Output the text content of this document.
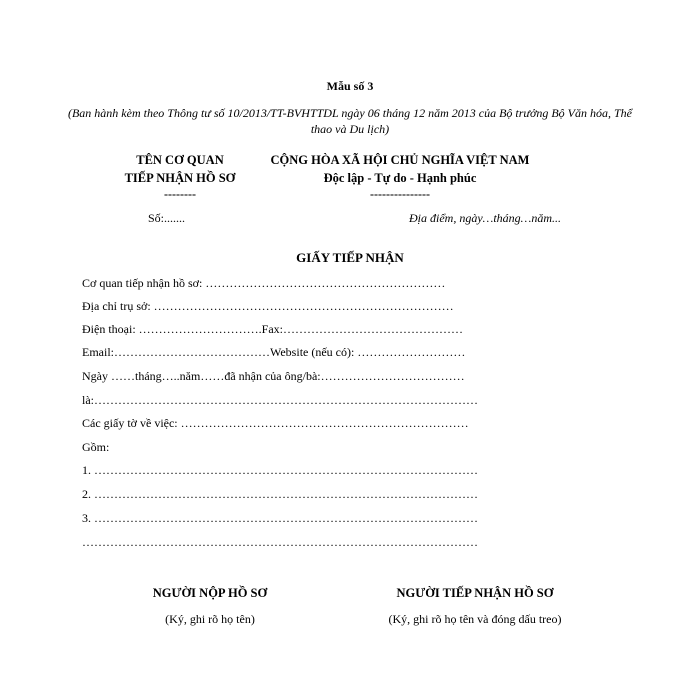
Mẫu số 3
(Ban hành kèm theo Thông tư số 10/2013/TT-BVHTTDL ngày 06 tháng 12 năm 2013 của Bộ trưởng Bộ Văn hóa, Thể thao và Du lịch)
TÊN CƠ QUAN
TIẾP NHẬN HỒ SƠ
--------
CỘNG HÒA XÃ HỘI CHỦ NGHĨA VIỆT NAM
Độc lập - Tự do - Hạnh phúc
---------------
Số:.......	Địa điểm, ngày…tháng…năm...
GIẤY TIẾP NHẬN
Cơ quan tiếp nhận hồ sơ: ……………………………………………………
Địa chỉ trụ sở: …………………………………………………………………
Điện thoại: ………………………….Fax:………………………………………
Email:…………………………………Website (nếu có): ………………………
Ngày ……tháng…..năm……đã nhận của ông/bà:………………………………
là:……………………………………………………………………………………
Các giấy tờ về việc: ………………………………………………………………
Gồm:
1. ……………………………………………………………………………………
2. ……………………………………………………………………………………
3. ……………………………………………………………………………………
………………………………………………………………………………………
NGƯỜI NỘP HỒ SƠ
(Ký, ghi rõ họ tên)
NGƯỜI TIẾP NHẬN HỒ SƠ
(Ký, ghi rõ họ tên và đóng dấu treo)
